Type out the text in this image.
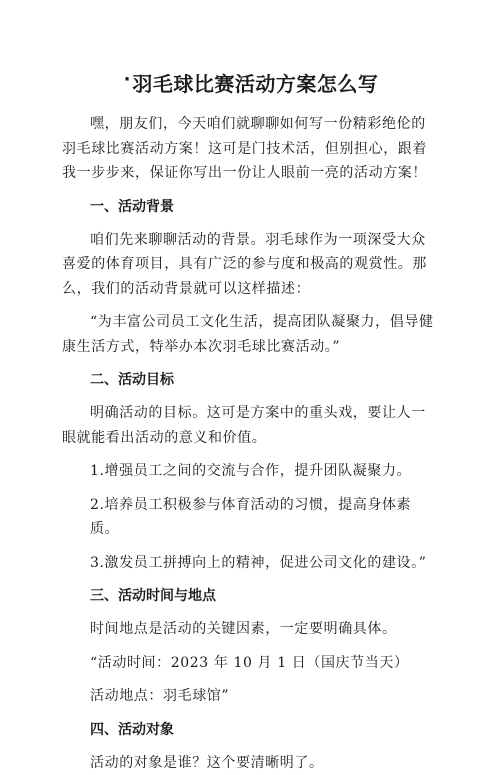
· 羽毛球比赛活动方案怎么写

嘿，朋友们，今天咱们就聊聊如何写一份精彩绝伦的羽毛球比赛活动方案！这可是门技术活，但别担心，跟着我一步步来，保证你写出一份让人眼前一亮的活动方案！

一、活动背景

咱们先来聊聊活动的背景。羽毛球作为一项深受大众喜爱的体育项目，具有广泛的参与度和极高的观赏性。那么，我们的活动背景就可以这样描述：

“为丰富公司员工文化生活，提高团队凝聚力，倡导健康生活方式，特举办本次羽毛球比赛活动。”

二、活动目标

明确活动的目标。这可是方案中的重头戏，要让人一眼就能看出活动的意义和价值。

1.增强员工之间的交流与合作，提升团队凝聚力。

2.培养员工积极参与体育活动的习惯，提高身体素质。

3.激发员工拼搏向上的精神，促进公司文化的建设。”

三、活动时间与地点

时间地点是活动的关键因素，一定要明确具体。

“活动时间：2023 年 10 月 1 日（国庆节当天）

活动地点：羽毛球馆”

四、活动对象

活动的对象是谁？这个要清晰明了。
